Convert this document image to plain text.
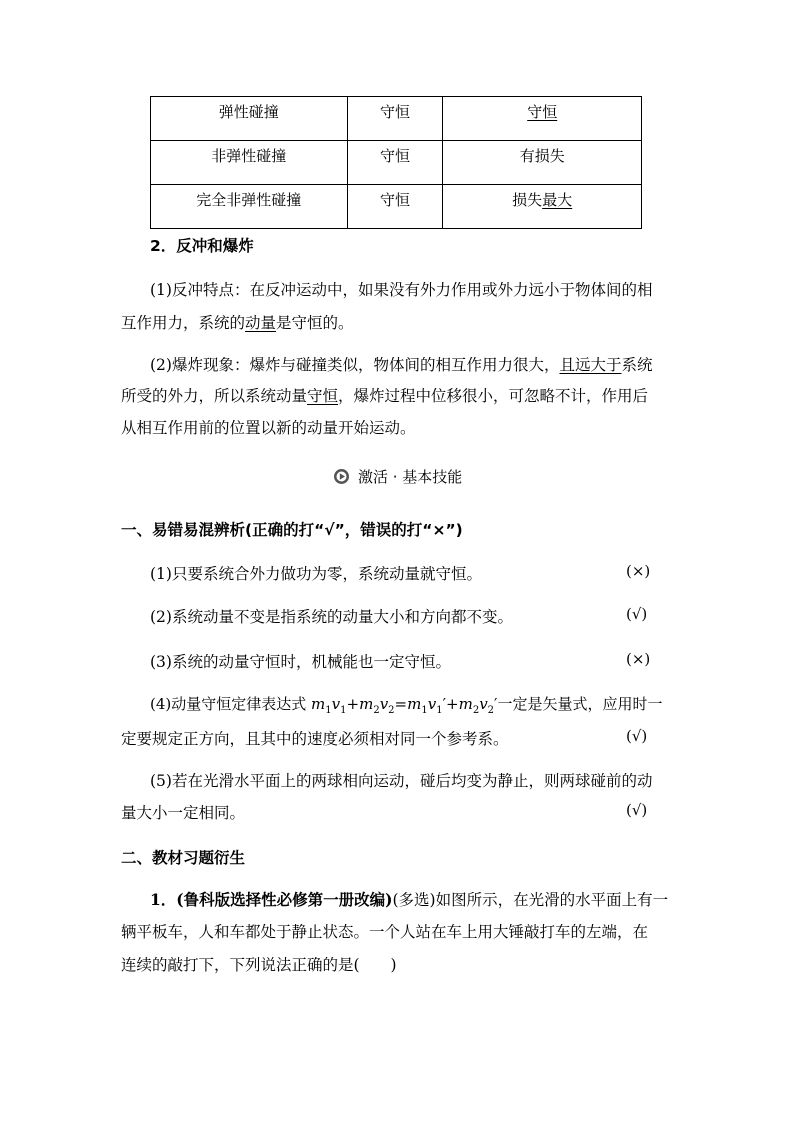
弹性碰撞	守恒	守恒
非弹性碰撞	守恒	有损失
完全非弹性碰撞	守恒	损失最大
2．反冲和爆炸
(1)反冲特点：在反冲运动中，如果没有外力作用或外力远小于物体间的相
互作用力，系统的动量是守恒的。
(2)爆炸现象：爆炸与碰撞类似，物体间的相互作用力很大，且远大于系统
所受的外力，所以系统动量守恒，爆炸过程中位移很小，可忽略不计，作用后
从相互作用前的位置以新的动量开始运动。
激活 · 基本技能
一、易错易混辨析(正确的打“√”，错误的打“×”)
(1)只要系统合外力做功为零，系统动量就守恒。	(×)
(2)系统动量不变是指系统的动量大小和方向都不变。	(√)
(3)系统的动量守恒时，机械能也一定守恒。	(×)
(4)动量守恒定律表达式 $m_1v_1+m_2v_2=m_1v_1'+m_2v_2'$一定是矢量式，应用时一
定要规定正方向，且其中的速度必须相对同一个参考系。	(√)
(5)若在光滑水平面上的两球相向运动，碰后均变为静止，则两球碰前的动
量大小一定相同。	(√)
二、教材习题衍生
1．(鲁科版选择性必修第一册改编)(多选)如图所示，在光滑的水平面上有一
辆平板车，人和车都处于静止状态。一个人站在车上用大锤敲打车的左端，在
连续的敲打下，下列说法正确的是(　　)
